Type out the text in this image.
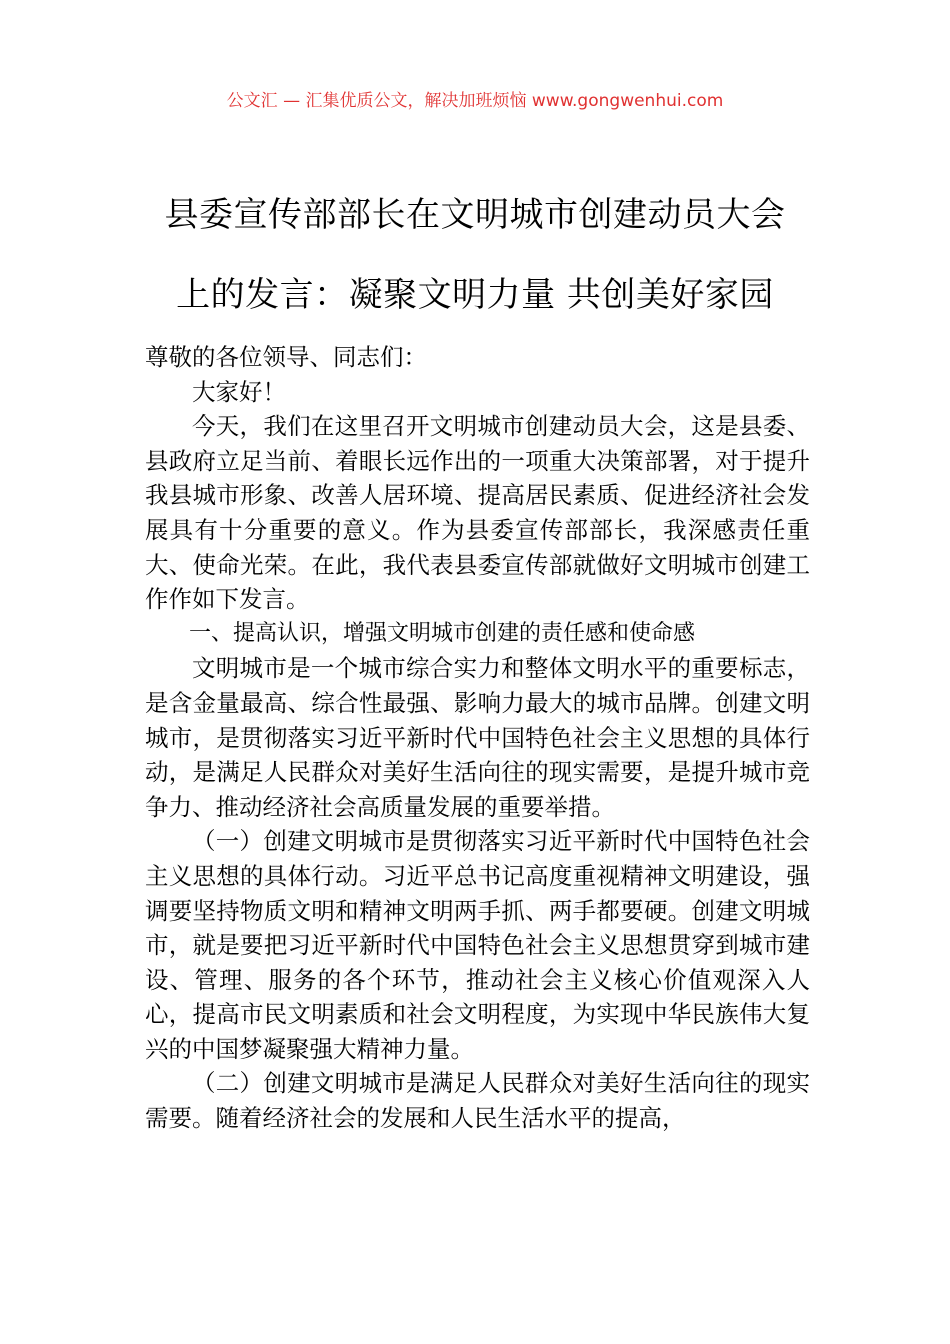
公文汇 — 汇集优质公文，解决加班烦恼 www.gongwenhui.com
县委宣传部部长在文明城市创建动员大会
上的发言：凝聚文明力量 共创美好家园

尊敬的各位领导、同志们：

大家好！

今天，我们在这里召开文明城市创建动员大会，这是县委、县政府立足当前、着眼长远作出的一项重大决策部署，对于提升我县城市形象、改善人居环境、提高居民素质、促进经济社会发展具有十分重要的意义。作为县委宣传部部长，我深感责任重大、使命光荣。在此，我代表县委宣传部就做好文明城市创建工作作如下发言。

一、提高认识，增强文明城市创建的责任感和使命感

文明城市是一个城市综合实力和整体文明水平的重要标志，是含金量最高、综合性最强、影响力最大的城市品牌。创建文明城市，是贯彻落实习近平新时代中国特色社会主义思想的具体行动，是满足人民群众对美好生活向往的现实需要，是提升城市竞争力、推动经济社会高质量发展的重要举措。

（一）创建文明城市是贯彻落实习近平新时代中国特色社会主义思想的具体行动。习近平总书记高度重视精神文明建设，强调要坚持物质文明和精神文明两手抓、两手都要硬。创建文明城市，就是要把习近平新时代中国特色社会主义思想贯穿到城市建设、管理、服务的各个环节，推动社会主义核心价值观深入人心，提高市民文明素质和社会文明程度，为实现中华民族伟大复兴的中国梦凝聚强大精神力量。

（二）创建文明城市是满足人民群众对美好生活向往的现实需要。随着经济社会的发展和人民生活水平的提高，
